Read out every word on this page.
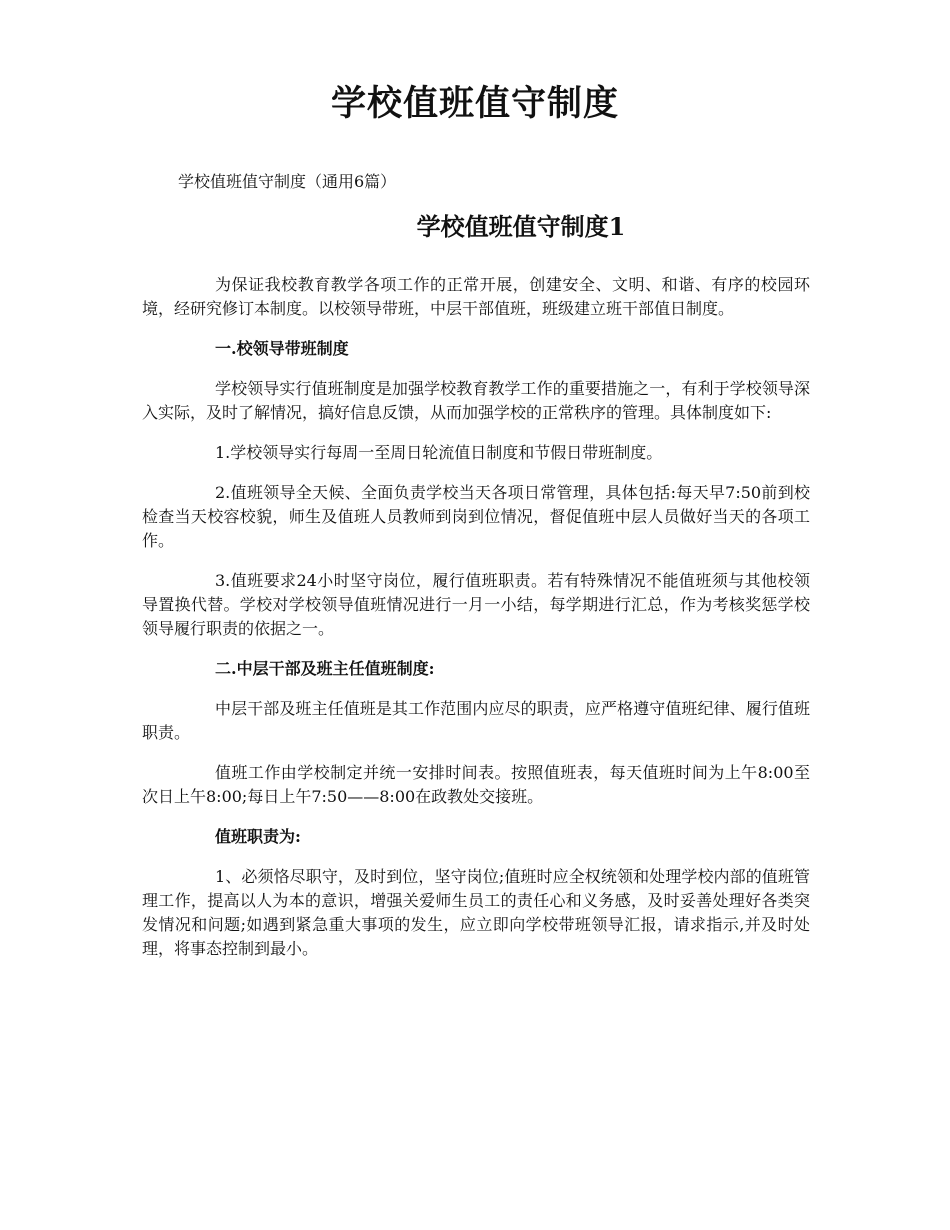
学校值班值守制度

学校值班值守制度（通用6篇）

学校值班值守制度1

为保证我校教育教学各项工作的正常开展，创建安全、文明、和谐、有序的校园环境，经研究修订本制度。以校领导带班，中层干部值班，班级建立班干部值日制度。

一.校领导带班制度

学校领导实行值班制度是加强学校教育教学工作的重要措施之一，有利于学校领导深入实际，及时了解情况，搞好信息反馈，从而加强学校的正常秩序的管理。具体制度如下:

1.学校领导实行每周一至周日轮流值日制度和节假日带班制度。

2.值班领导全天候、全面负责学校当天各项日常管理，具体包括:每天早7:50前到校检查当天校容校貌，师生及值班人员教师到岗到位情况，督促值班中层人员做好当天的各项工作。

3.值班要求24小时坚守岗位，履行值班职责。若有特殊情况不能值班须与其他校领导置换代替。学校对学校领导值班情况进行一月一小结，每学期进行汇总，作为考核奖惩学校领导履行职责的依据之一。

二.中层干部及班主任值班制度:

中层干部及班主任值班是其工作范围内应尽的职责，应严格遵守值班纪律、履行值班职责。

值班工作由学校制定并统一安排时间表。按照值班表，每天值班时间为上午8:00至次日上午8:00;每日上午7:50——8:00在政教处交接班。

值班职责为:

1、必须恪尽职守，及时到位，坚守岗位;值班时应全权统领和处理学校内部的值班管理工作，提高以人为本的意识，增强关爱师生员工的责任心和义务感，及时妥善处理好各类突发情况和问题;如遇到紧急重大事项的发生，应立即向学校带班领导汇报，请求指示,并及时处理，将事态控制到最小。
